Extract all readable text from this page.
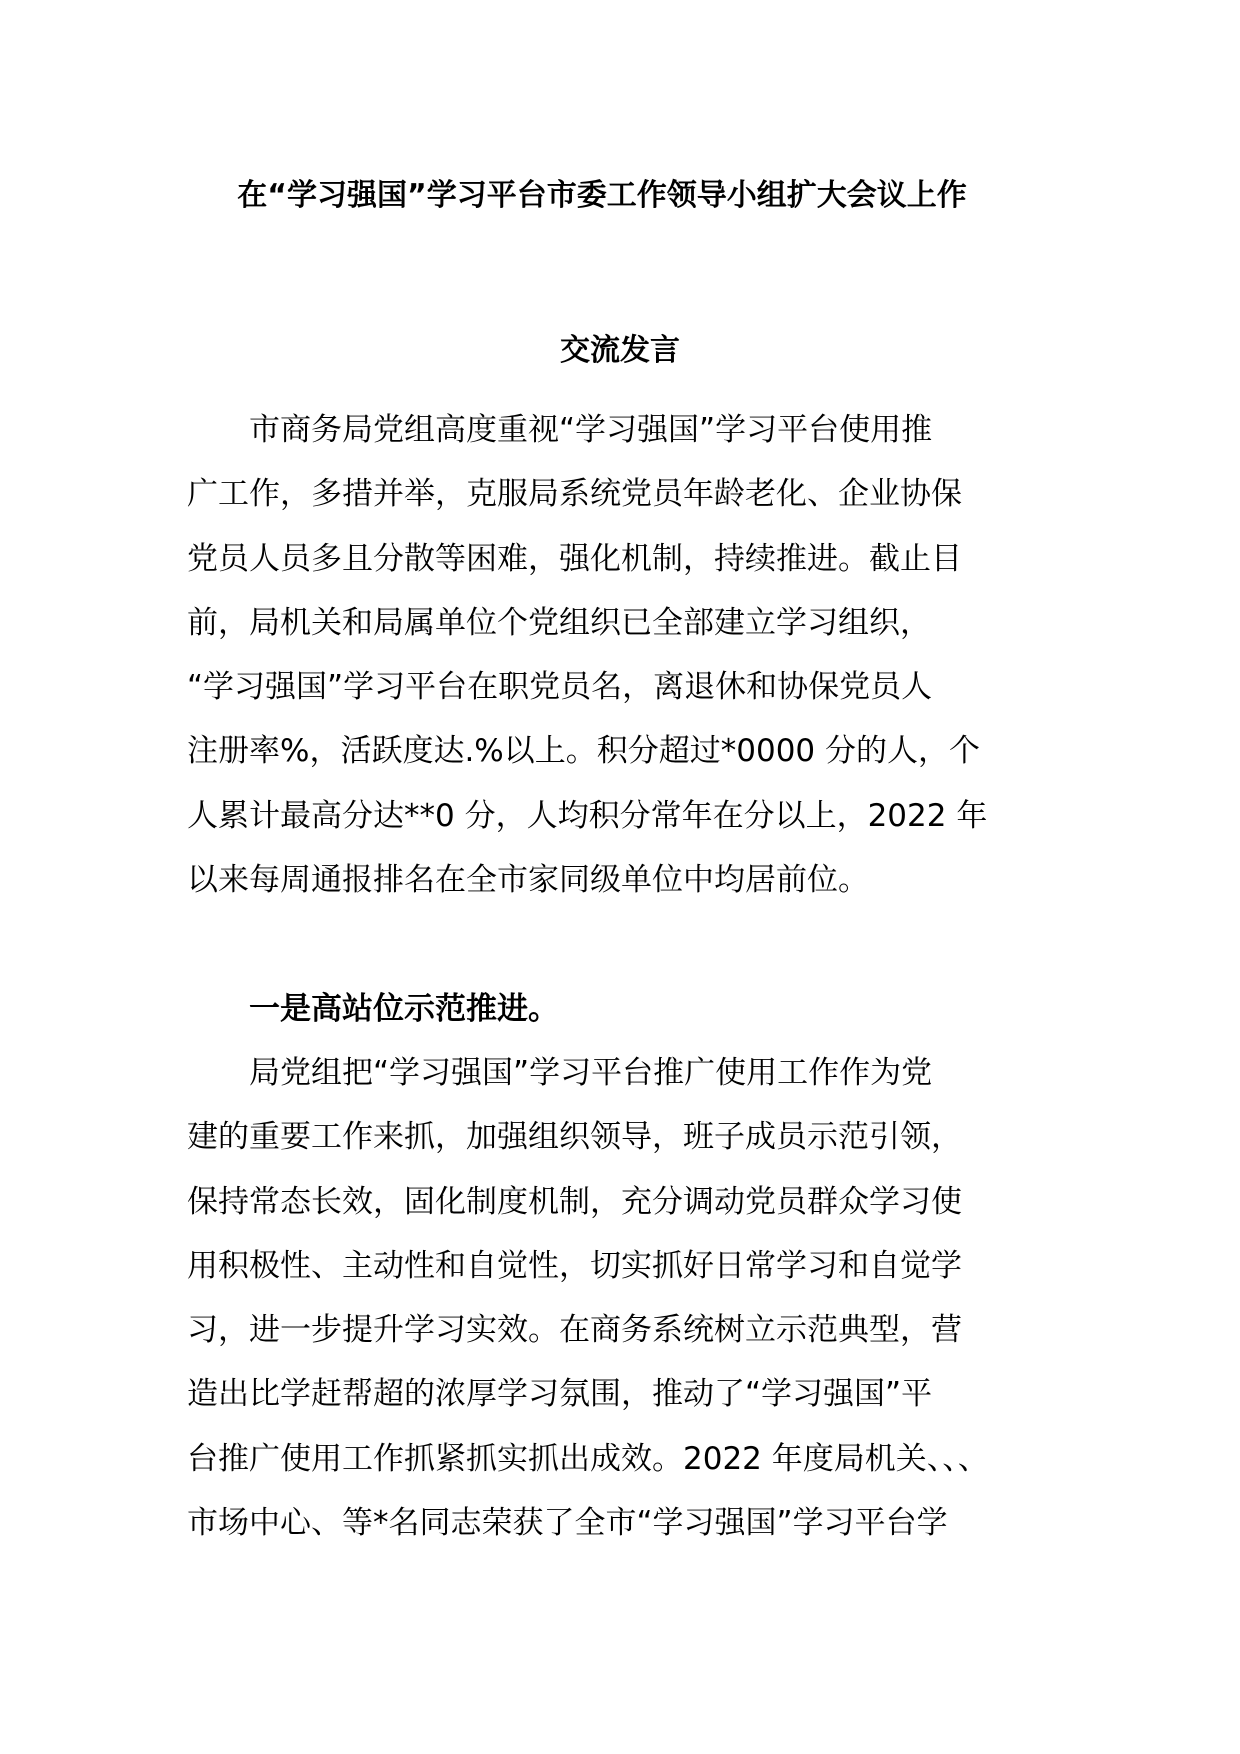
在“学习强国”学习平台市委工作领导小组扩大会议上作
交流发言
　　市商务局党组高度重视“学习强国”学习平台使用推
广工作，多措并举，克服局系统党员年龄老化、企业协保
党员人员多且分散等困难，强化机制，持续推进。截止目
前，局机关和局属单位个党组织已全部建立学习组织，
“学习强国”学习平台在职党员名，离退休和协保党员人
注册率%，活跃度达.%以上。积分超过*0000 分的人，个
人累计最高分达**0 分，人均积分常年在分以上，2022 年
以来每周通报排名在全市家同级单位中均居前位。
　　一是高站位示范推进。
　　局党组把“学习强国”学习平台推广使用工作作为党
建的重要工作来抓，加强组织领导，班子成员示范引领，
保持常态长效，固化制度机制，充分调动党员群众学习使
用积极性、主动性和自觉性，切实抓好日常学习和自觉学
习，进一步提升学习实效。在商务系统树立示范典型，营
造出比学赶帮超的浓厚学习氛围，推动了“学习强国”平
台推广使用工作抓紧抓实抓出成效。2022 年度局机关、、、
市场中心、等*名同志荣获了全市“学习强国”学习平台学
